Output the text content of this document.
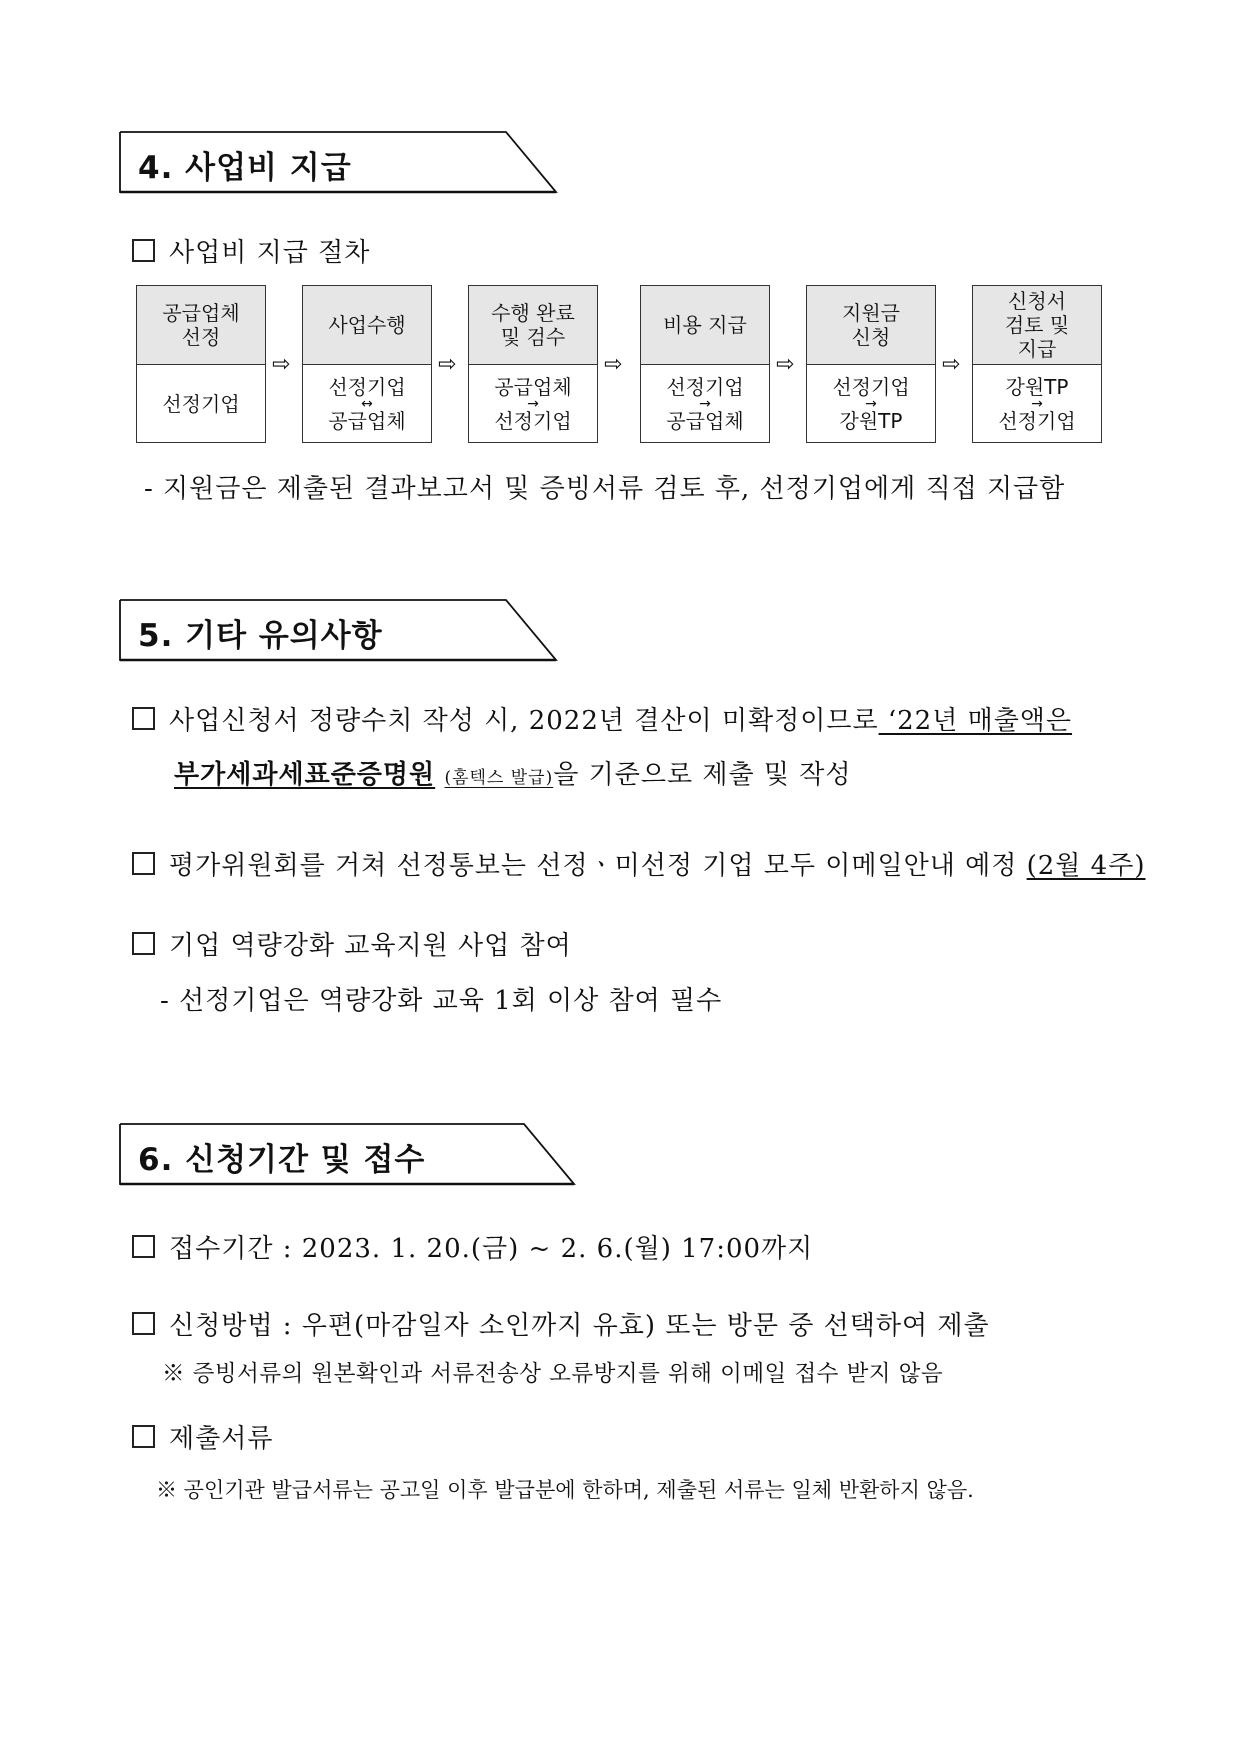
4. 사업비 지급
사업비 지급 절차
공급업체
선정
선정기업
⇨
사업수행
선정기업
↔
공급업체
⇨
수행 완료
및 검수
공급업체
→
선정기업
⇨
비용 지급
선정기업
→
공급업체
⇨
지원금
신청
선정기업
→
강원TP
⇨
신청서
검토 및
지급
강원TP
→
선정기업
- 지원금은 제출된 결과보고서 및 증빙서류 검토 후, 선정기업에게 직접 지급함
5. 기타 유의사항
사업신청서 정량수치 작성 시, 2022년 결산이 미확정이므로 ‘22년 매출액은
부가세과세표준증명원 (홈텍스 발급)을 기준으로 제출 및 작성
평가위원회를 거쳐 선정통보는 선정ㆍ미선정 기업 모두 이메일안내 예정 (2월 4주)
기업 역량강화 교육지원 사업 참여
- 선정기업은 역량강화 교육 1회 이상 참여 필수
6. 신청기간 및 접수
접수기간 : 2023. 1. 20.(금) ~ 2. 6.(월) 17:00까지
신청방법 : 우편(마감일자 소인까지 유효) 또는 방문 중 선택하여 제출
※ 증빙서류의 원본확인과 서류전송상 오류방지를 위해 이메일 접수 받지 않음
제출서류
※ 공인기관 발급서류는 공고일 이후 발급분에 한하며, 제출된 서류는 일체 반환하지 않음.
